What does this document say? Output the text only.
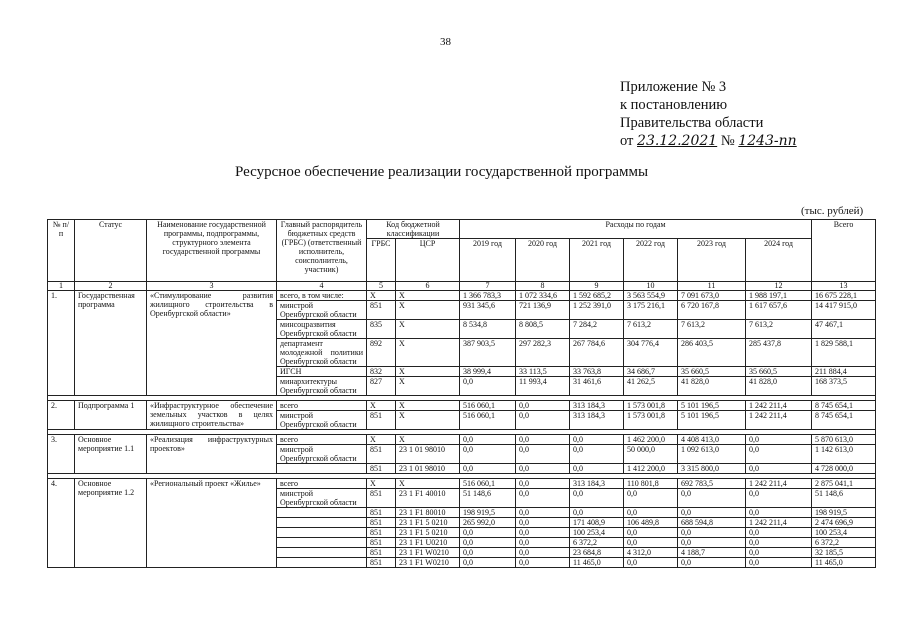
38
Приложение № 3
к постановлению
Правительства области
от 23.12.2021 № 1243-пп
Ресурсное обеспечение реализации государственной программы
(тыс. рублей)
№ п/п	Статус	Наименование государственной программы, подпрограммы, структурного элемента государственной программы	Главный распорядитель бюджетных средств (ГРБС) (ответственный исполнитель, соисполнитель, участник)	Код бюджетной классификации		Расходы по годам						Всего
				ГРБС	ЦСР	2019 год	2020 год	2021 год	2022 год	2023 год	2024 год	
1	2	3	4	5	6	7	8	9	10	11	12	13
1.	Государственная программа	«Стимулирование развития жилищного строительства в Оренбургской области»	всего, в том числе:	X	X	1 366 783,3	1 072 334,6	1 592 685,2	3 563 554,9	7 091 673,0	1 988 197,1	16 675 228,1
			минстрой Оренбургской области	851	X	931 345,6	721 136,9	1 252 391,0	3 175 216,1	6 720 167,8	1 617 657,6	14 417 915,0
			минсоцразвития Оренбургской области	835	X	8 534,8	8 808,5	7 284,2	7 613,2	7 613,2	7 613,2	47 467,1
			департамент молодежной политики Оренбургской области	892	X	387 903,5	297 282,3	267 784,6	304 776,4	286 403,5	285 437,8	1 829 588,1
			ИГСН	832	X	38 999,4	33 113,5	33 763,8	34 686,7	35 660,5	35 660,5	211 884,4
			минархитектуры Оренбургской области	827	X	0,0	11 993,4	31 461,6	41 262,5	41 828,0	41 828,0	168 373,5

2.	Подпрограмма 1	«Инфраструктурное обеспечение земельных участков в целях жилищного строительства»	всего	X	X	516 060,1	0,0	313 184,3	1 573 001,8	5 101 196,5	1 242 211,4	8 745 654,1
			минстрой Оренбургской области	851	X	516 060,1	0,0	313 184,3	1 573 001,8	5 101 196,5	1 242 211,4	8 745 654,1

3.	Основное мероприятие 1.1	«Реализация инфраструктурных проектов»	всего	X	X	0,0	0,0	0,0	1 462 200,0	4 408 413,0	0,0	5 870 613,0
			минстрой Оренбургской области	851	23 1 01 98010	0,0	0,0	0,0	50 000,0	1 092 613,0	0,0	1 142 613,0
				851	23 1 01 98010	0,0	0,0	0,0	1 412 200,0	3 315 800,0	0,0	4 728 000,0

4.	Основное мероприятие 1.2	«Региональный проект «Жилье»	всего	X	X	516 060,1	0,0	313 184,3	110 801,8	692 783,5	1 242 211,4	2 875 041,1
			минстрой Оренбургской области	851	23 1 F1 40010	51 148,6	0,0	0,0	0,0	0,0	0,0	51 148,6
				851	23 1 F1 80010	198 919,5	0,0	0,0	0,0	0,0	0,0	198 919,5
				851	23 1 F1 5 0210	265 992,0	0,0	171 408,9	106 489,8	688 594,8	1 242 211,4	2 474 696,9
				851	23 1 F1 5 0210	0,0	0,0	100 253,4	0,0	0,0	0,0	100 253,4
				851	23 1 F1 U0210	0,0	0,0	6 372,2	0,0	0,0	0,0	6 372,2
				851	23 1 F1 W0210	0,0	0,0	23 684,8	4 312,0	4 188,7	0,0	32 185,5
				851	23 1 F1 W0210	0,0	0,0	11 465,0	0,0	0,0	0,0	11 465,0
